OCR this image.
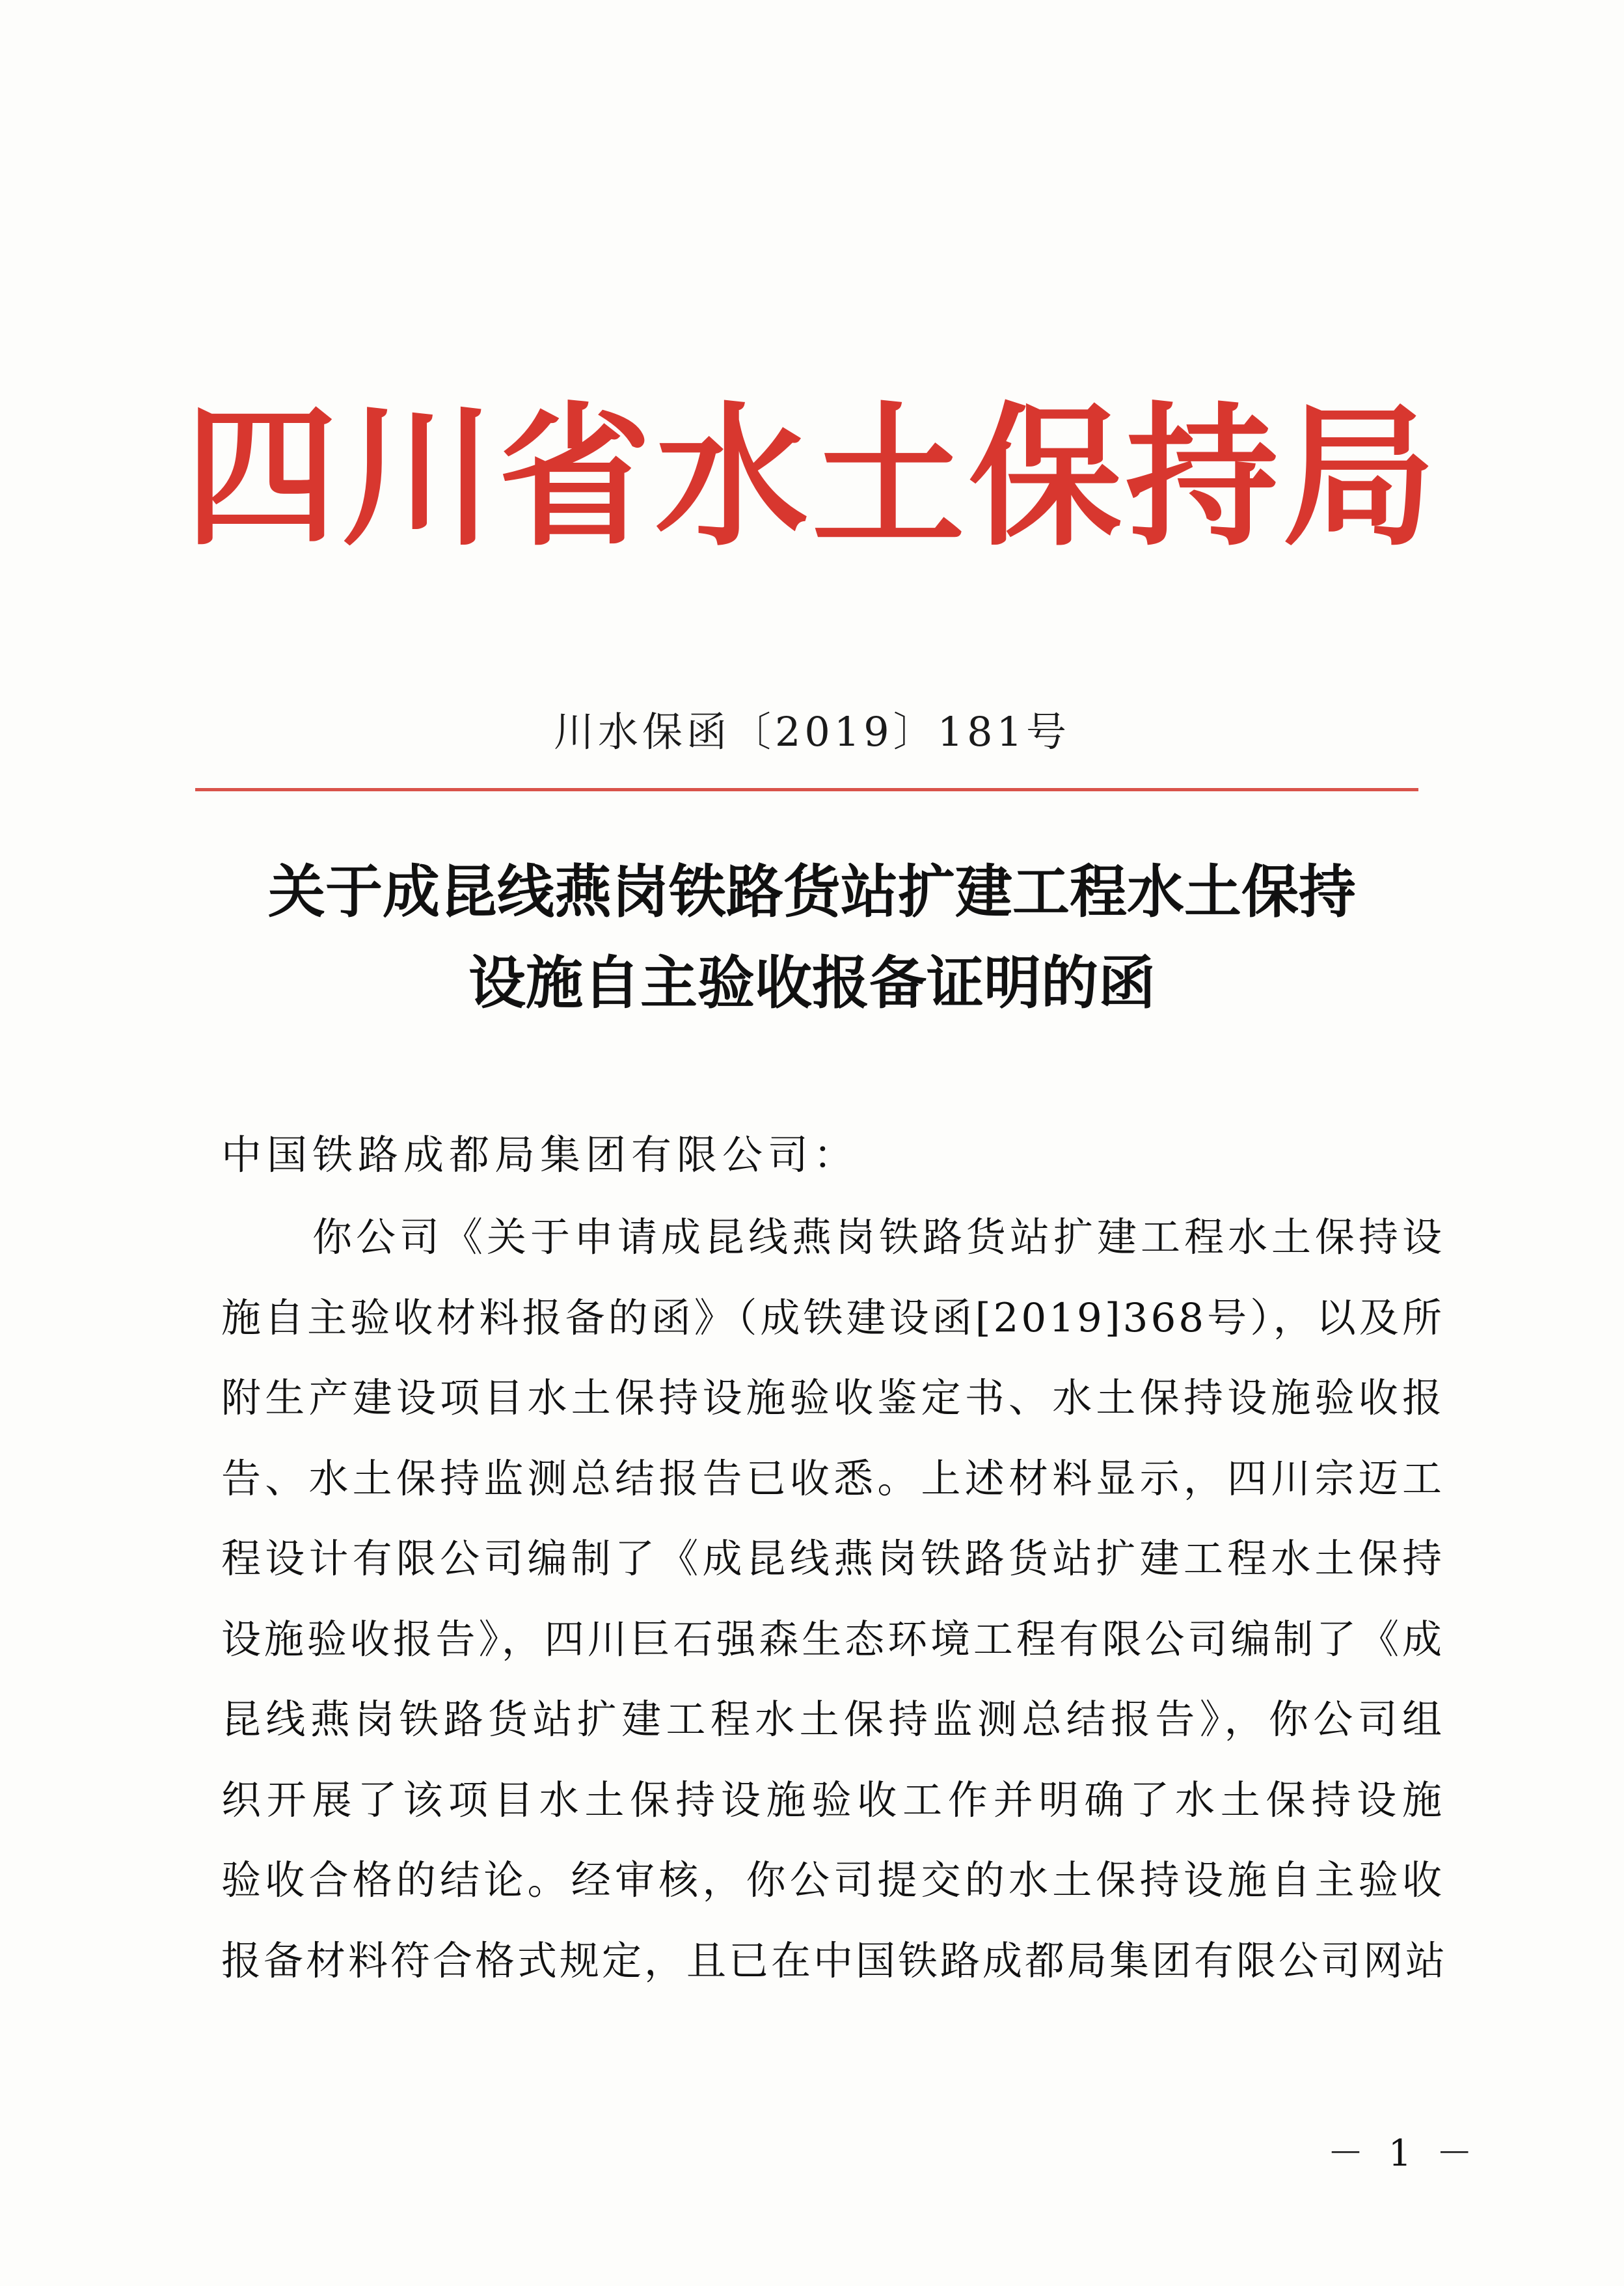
四川省水土保持局
川水保函〔2019〕181号
关于成昆线燕岗铁路货站扩建工程水土保持
设施自主验收报备证明的函
中国铁路成都局集团有限公司：
你公司《关于申请成昆线燕岗铁路货站扩建工程水土保持设
施自主验收材料报备的函》（成铁建设函[2019]368号），以及所
附生产建设项目水土保持设施验收鉴定书、水土保持设施验收报
告、水土保持监测总结报告已收悉。上述材料显示，四川宗迈工
程设计有限公司编制了《成昆线燕岗铁路货站扩建工程水土保持
设施验收报告》，四川巨石强森生态环境工程有限公司编制了《成
昆线燕岗铁路货站扩建工程水土保持监测总结报告》，你公司组
织开展了该项目水土保持设施验收工作并明确了水土保持设施
验收合格的结论。经审核，你公司提交的水土保持设施自主验收
报备材料符合格式规定，且已在中国铁路成都局集团有限公司网站
－ 1 －
